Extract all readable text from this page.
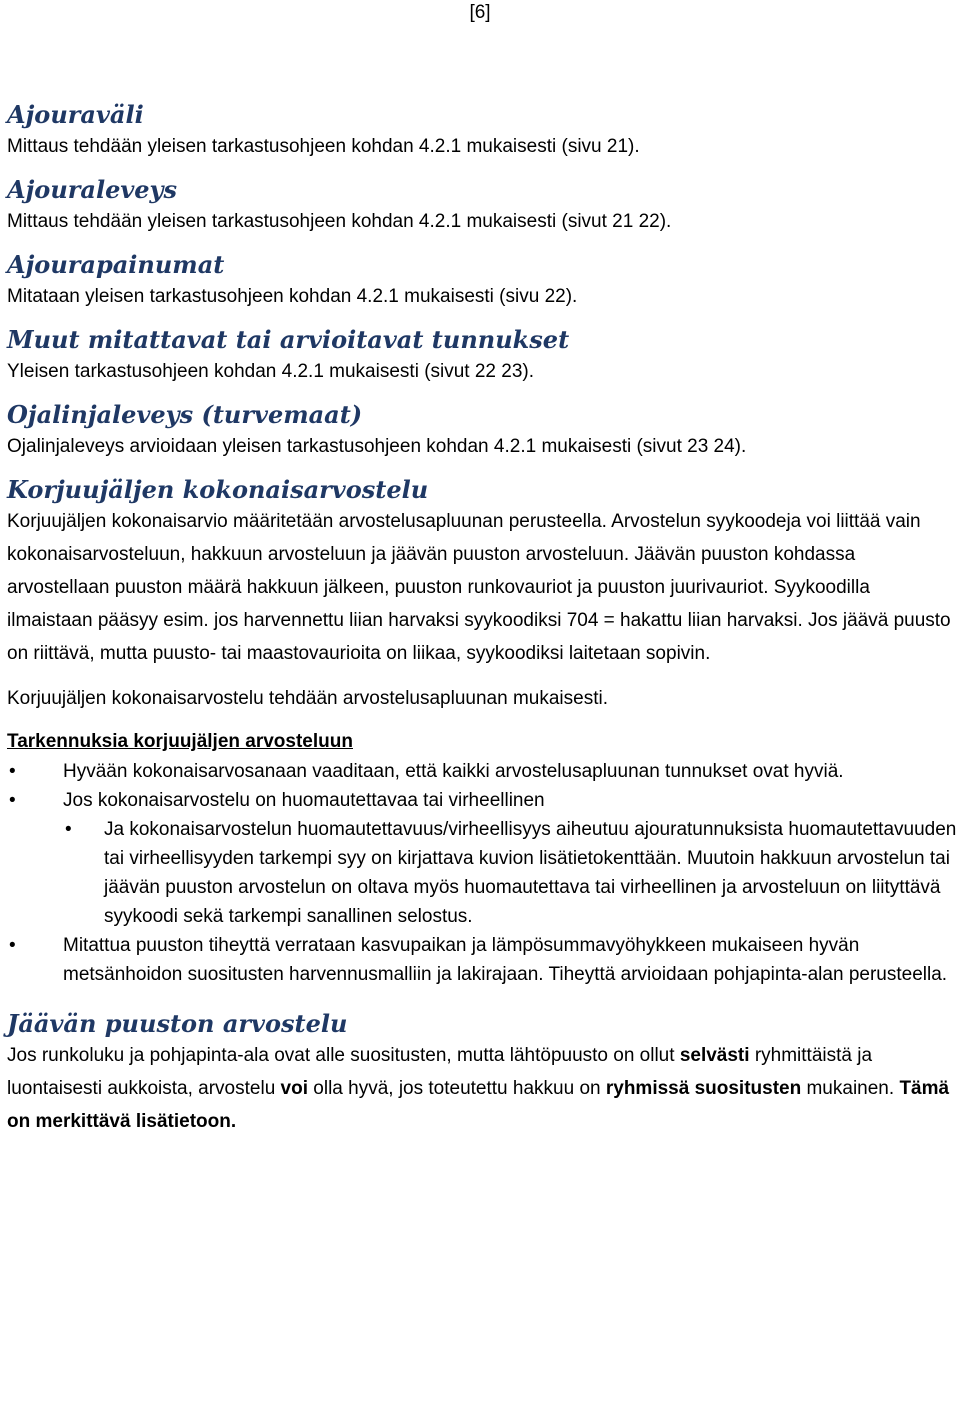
[6]
Ajouraväli

Mittaus tehdään yleisen tarkastusohjeen kohdan 4.2.1 mukaisesti (sivu 21).

Ajouraleveys

Mittaus tehdään yleisen tarkastusohjeen kohdan 4.2.1 mukaisesti (sivut 21 22).

Ajourapainumat

Mitataan yleisen tarkastusohjeen kohdan 4.2.1 mukaisesti (sivu 22).

Muut mitattavat tai arvioitavat tunnukset

Yleisen tarkastusohjeen kohdan 4.2.1 mukaisesti (sivut 22 23).

Ojalinjaleveys (turvemaat)

Ojalinjaleveys arvioidaan yleisen tarkastusohjeen kohdan 4.2.1 mukaisesti (sivut 23 24).

Korjuujäljen kokonaisarvostelu

Korjuujäljen kokonaisarvio määritetään arvostelusapluunan perusteella. Arvostelun syykoodeja voi liittää vain kokonaisarvosteluun, hakkuun arvosteluun ja jäävän puuston arvosteluun. Jäävän puuston kohdassa arvostellaan puuston määrä hakkuun jälkeen, puuston runkovauriot ja puuston juurivauriot. Syykoodilla ilmaistaan pääsyy esim. jos harvennettu liian harvaksi syykoodiksi 704 = hakattu liian harvaksi. Jos jäävä puusto on riittävä, mutta puusto- tai maastovaurioita on liikaa, syykoodiksi laitetaan sopivin.

Korjuujäljen kokonaisarvostelu tehdään arvostelusapluunan mukaisesti.

Tarkennuksia korjuujäljen arvosteluun

• Hyvään kokonaisarvosanaan vaaditaan, että kaikki arvostelusapluunan tunnukset ovat hyviä.
• Jos kokonaisarvostelu on huomautettavaa tai virheellinen
• Ja kokonaisarvostelun huomautettavuus/virheellisyys aiheutuu ajouratunnuksista huomautettavuuden tai virheellisyyden tarkempi syy on kirjattava kuvion lisätietokenttään. Muutoin hakkuun arvostelun tai jäävän puuston arvostelun on oltava myös huomautettava tai virheellinen ja arvosteluun on liityttävä syykoodi sekä tarkempi sanallinen selostus.
• Mitattua puuston tiheyttä verrataan kasvupaikan ja lämpösummavyöhykkeen mukaiseen hyvän metsänhoidon suositusten harvennusmalliin ja lakirajaan. Tiheyttä arvioidaan pohjapinta-alan perusteella.
Jäävän puuston arvostelu

Jos runkoluku ja pohjapinta-ala ovat alle suositusten, mutta lähtöpuusto on ollut selvästi ryhmittäistä ja luontaisesti aukkoista, arvostelu voi olla hyvä, jos toteutettu hakkuu on ryhmissä suositusten mukainen. Tämä on merkittävä lisätietoon.
